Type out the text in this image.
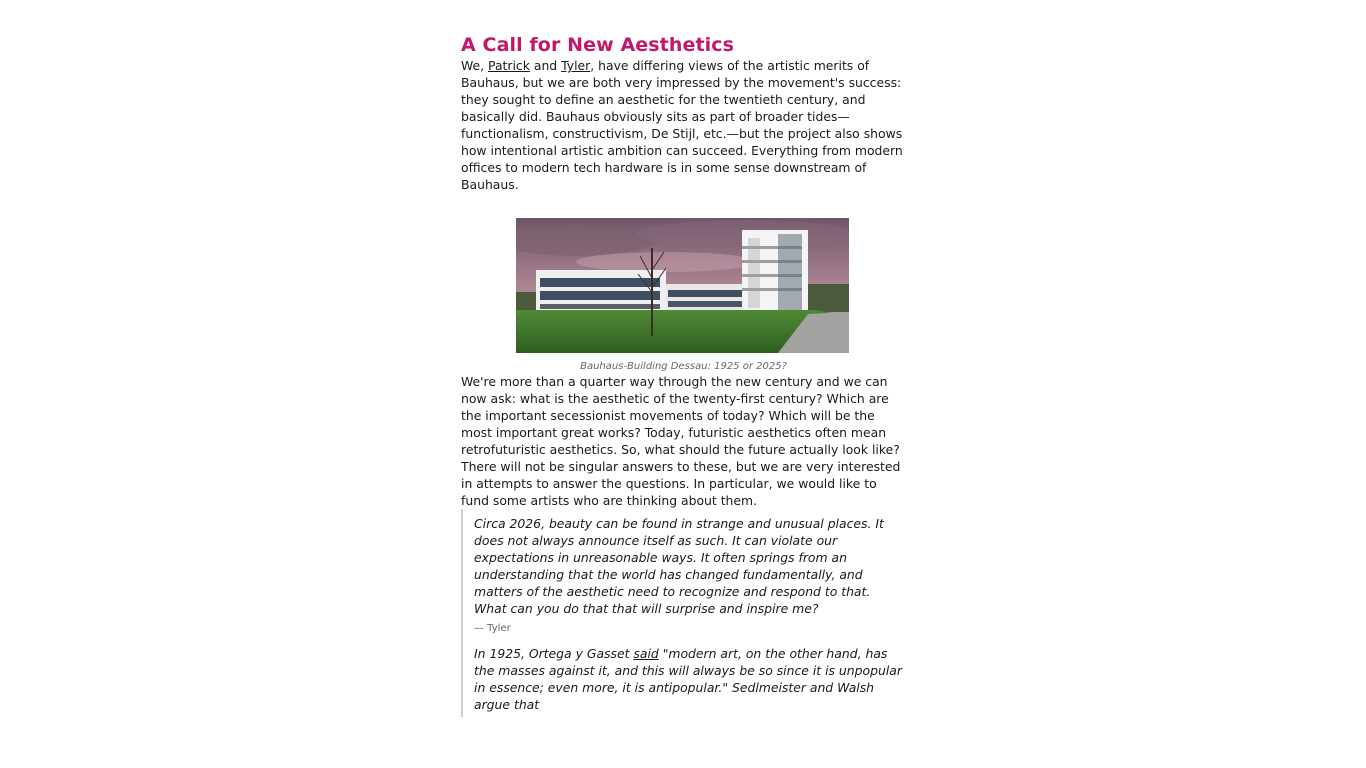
A Call for New Aesthetics

We, Patrick and Tyler, have differing views of the artistic merits of Bauhaus, but we are both very impressed by the movement's success: they sought to define an aesthetic for the twentieth century, and basically did. Bauhaus obviously sits as part of broader tides—functionalism, constructivism, De Stijl, etc.—but the project also shows how intentional artistic ambition can succeed. Everything from modern offices to modern tech hardware is in some sense downstream of Bauhaus.

Bauhaus-Building Dessau: 1925 or 2025?

We're more than a quarter way through the new century and we can now ask: what is the aesthetic of the twenty-first century? Which are the important secessionist movements of today? Which will be the most important great works? Today, futuristic aesthetics often mean retrofuturistic aesthetics. So, what should the future actually look like?

There will not be singular answers to these, but we are very interested in attempts to answer the questions. In particular, we would like to fund some artists who are thinking about them.

Circa 2026, beauty can be found in strange and unusual places. It does not always announce itself as such. It can violate our expectations in unreasonable ways. It often springs from an understanding that the world has changed fundamentally, and matters of the aesthetic need to recognize and respond to that. What can you do that that will surprise and inspire me?

— Tyler

In 1925, Ortega y Gasset said "modern art, on the other hand, has the masses against it, and this will always be so since it is unpopular in essence; even more, it is antipopular." Sedlmeister and Walsh argue that
